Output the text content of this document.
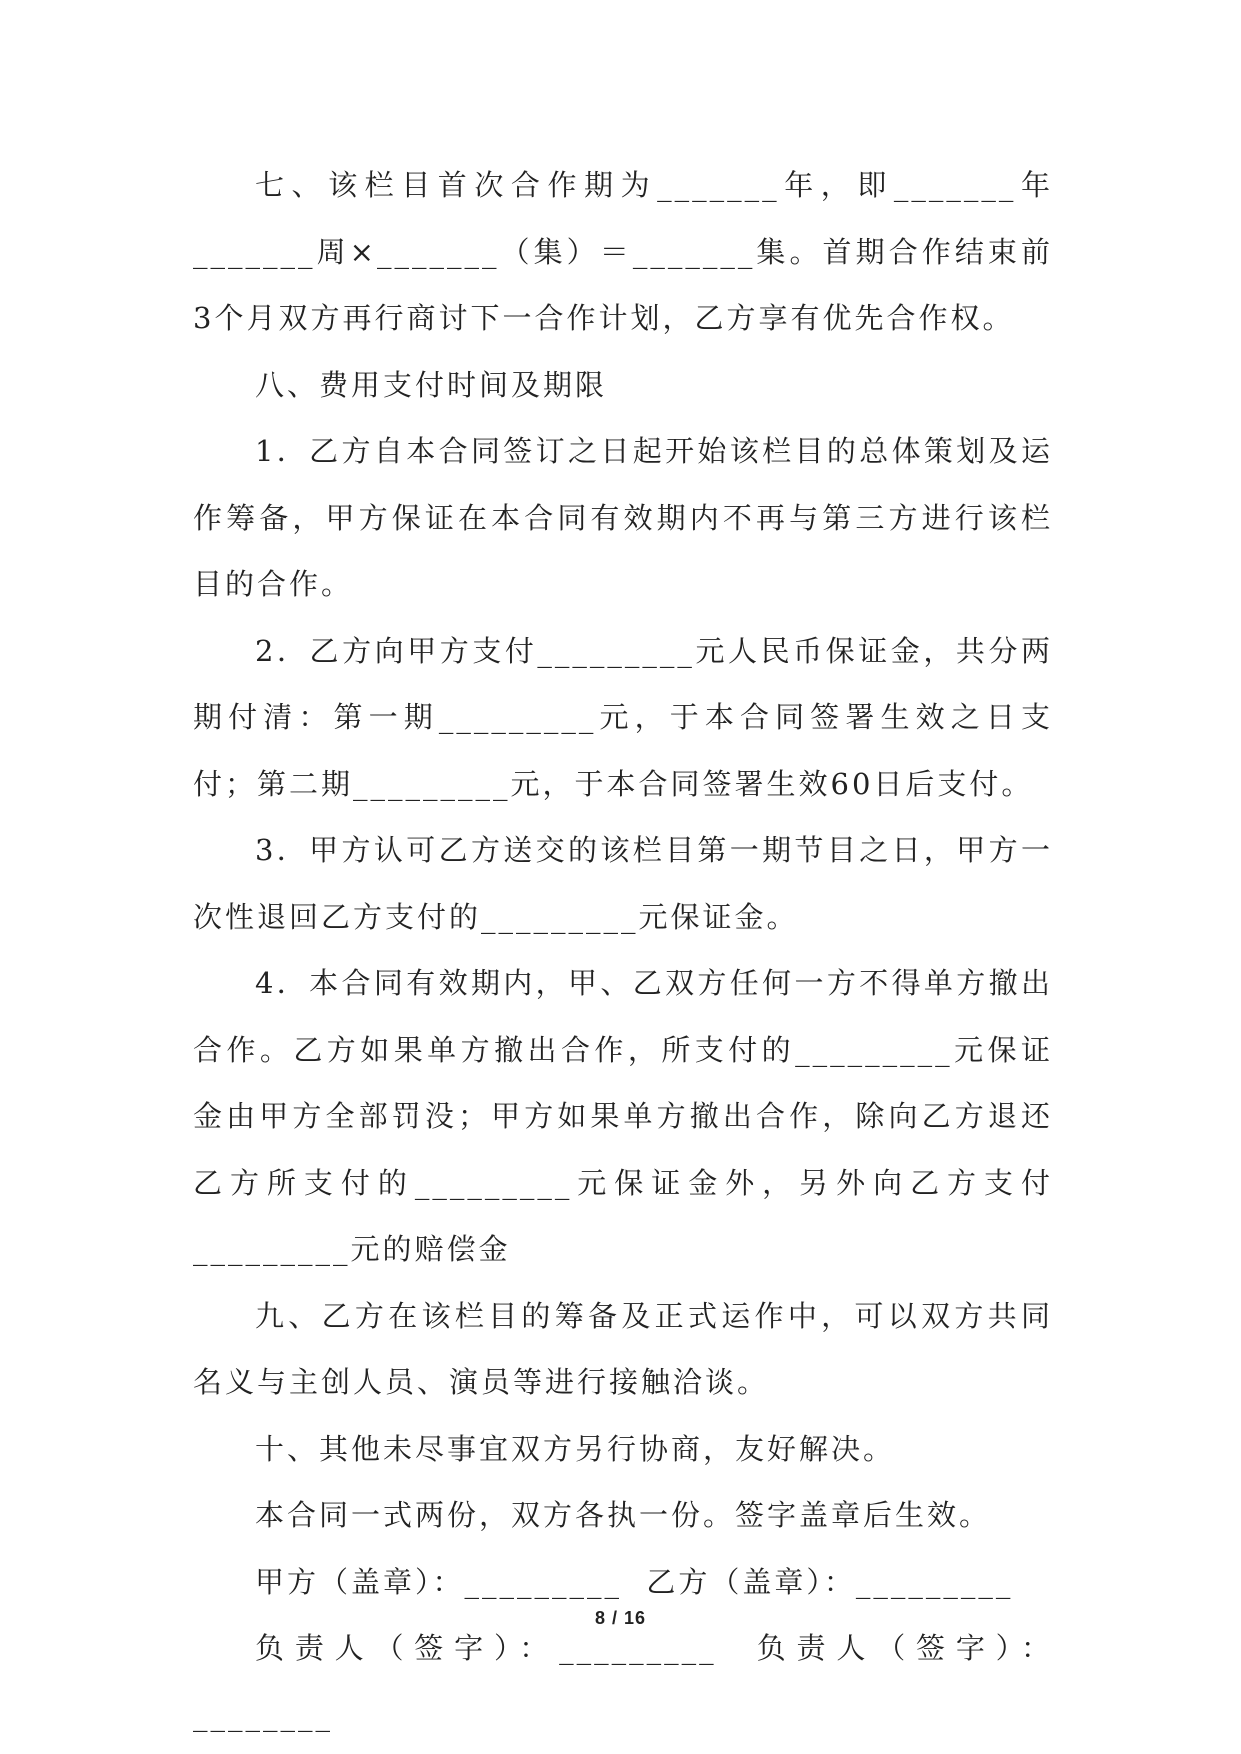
七、该栏目首次合作期为_______年，即_______年_______周×_______（集）＝_______集。首期合作结束前3个月双方再行商讨下一合作计划，乙方享有优先合作权。

八、费用支付时间及期限

1．乙方自本合同签订之日起开始该栏目的总体策划及运作筹备，甲方保证在本合同有效期内不再与第三方进行该栏目的合作。

2．乙方向甲方支付_________元人民币保证金，共分两期付清：第一期_________元，于本合同签署生效之日支付；第二期_________元，于本合同签署生效60日后支付。

3．甲方认可乙方送交的该栏目第一期节目之日，甲方一次性退回乙方支付的_________元保证金。

4．本合同有效期内，甲、乙双方任何一方不得单方撤出合作。乙方如果单方撤出合作，所支付的_________元保证金由甲方全部罚没；甲方如果单方撤出合作，除向乙方退还乙方所支付的_________元保证金外，另外向乙方支付_________元的赔偿金

九、乙方在该栏目的筹备及正式运作中，可以双方共同名义与主创人员、演员等进行接触洽谈。

十、其他未尽事宜双方另行协商，友好解决。

本合同一式两份，双方各执一份。签字盖章后生效。

甲方（盖章）：_________  乙方（盖章）：_________

负责人（签字）：_________  负责人（签字）：________

8 / 16
